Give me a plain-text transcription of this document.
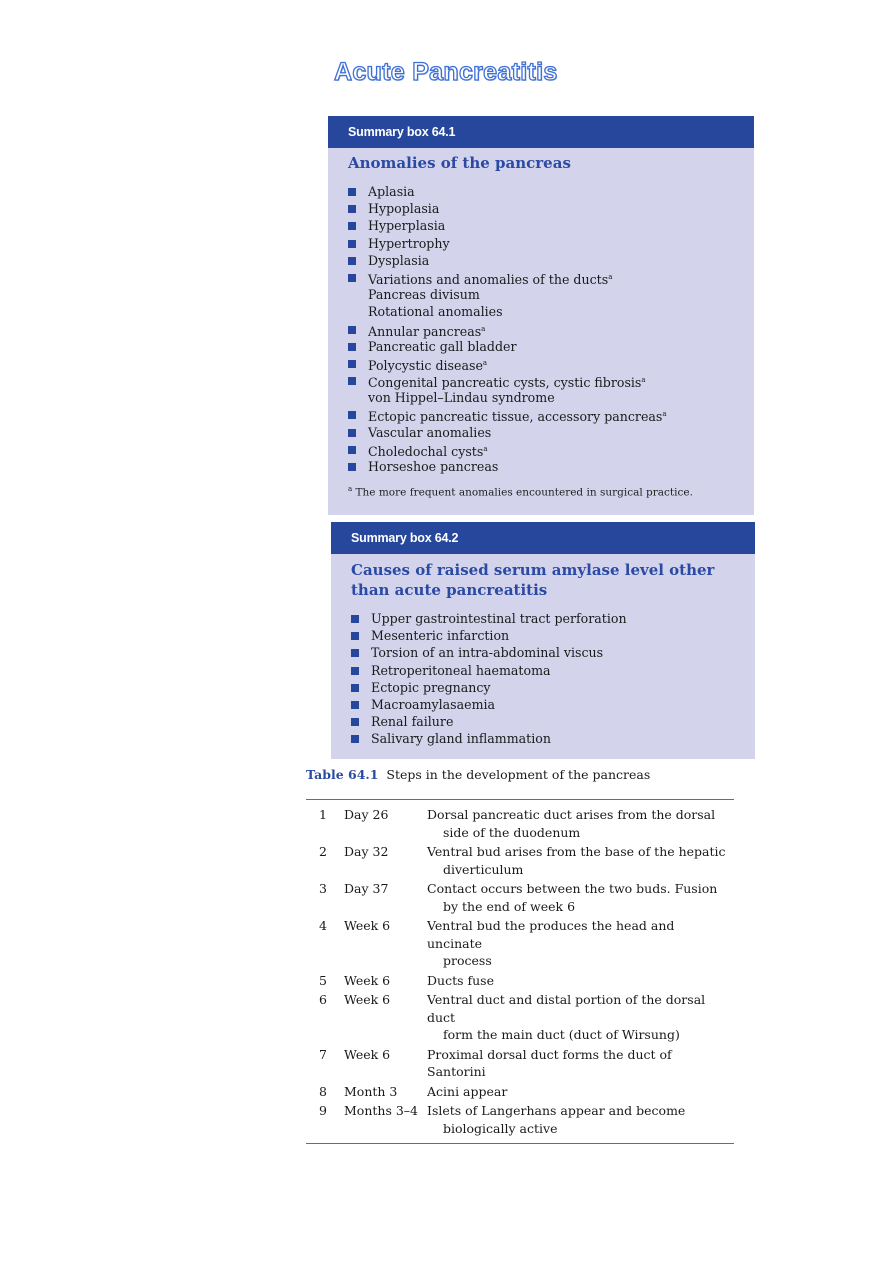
Acute Pancreatitis
Summary box 64.1
Anomalies of the pancreas
Aplasia
Hypoplasia
Hyperplasia
Hypertrophy
Dysplasia
Variations and anomalies of the ducts$^a$
Pancreas divisum
Rotational anomalies
Annular pancreas$^a$
Pancreatic gall bladder
Polycystic disease$^a$
Congenital pancreatic cysts, cystic fibrosis$^a$
von Hippel–Lindau syndrome
Ectopic pancreatic tissue, accessory pancreas$^a$
Vascular anomalies
Choledochal cysts$^a$
Horseshoe pancreas
$^a$ The more frequent anomalies encountered in surgical practice.
Summary box 64.2
Causes of raised serum amylase level other than acute pancreatitis
Upper gastrointestinal tract perforation
Mesenteric infarction
Torsion of an intra-abdominal viscus
Retroperitoneal haematoma
Ectopic pregnancy
Macroamylasaemia
Renal failure
Salivary gland inflammation

Table 64.1 Steps in the development of the pancreas

1	Day 26	Dorsal pancreatic duct arises from the dorsal
side of the duodenum
2	Day 32	Ventral bud arises from the base of the hepatic
diverticulum
3	Day 37	Contact occurs between the two buds. Fusion
by the end of week 6
4	Week 6	Ventral bud the produces the head and uncinate
process
5	Week 6	Ducts fuse
6	Week 6	Ventral duct and distal portion of the dorsal duct
form the main duct (duct of Wirsung)
7	Week 6	Proximal dorsal duct forms the duct of Santorini
8	Month 3	Acini appear
9	Months 3–4 Islets of Langerhans appear and become
biologically active
